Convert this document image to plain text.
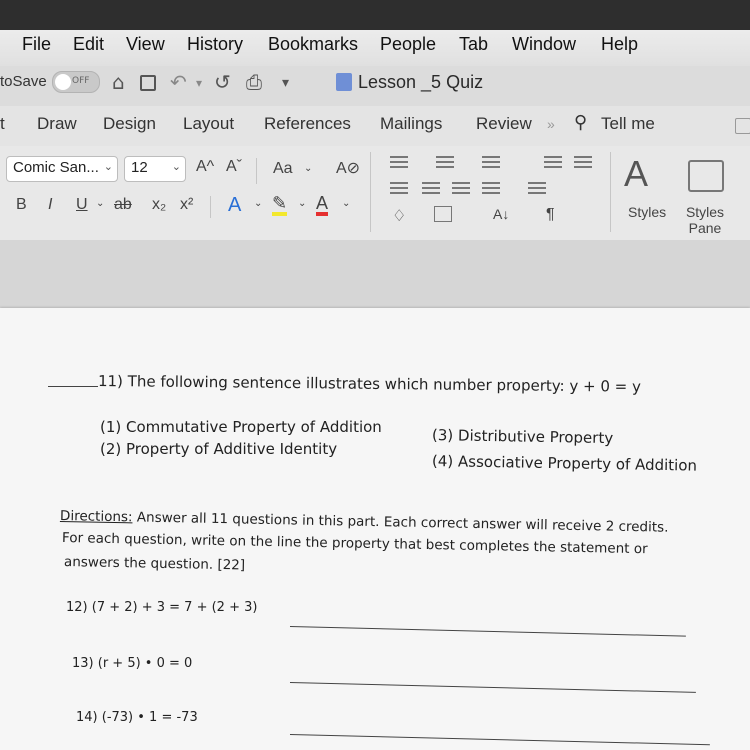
File Edit View History Bookmarks People Tab Window Help
toSave	OFF ⌂ ↶ ▾ ↺ ⎙ ▾	Lesson _5 Quiz
t Draw Design Layout References Mailings Review » ⚲ Tell me
Comic San... ⌄	12 ⌄ A^ Aˇ Aa ⌄ A⊘
B I U ⌄ ab x₂ x² A ⌄ ✎ ⌄ A ⌄
♢	A↓ ¶
A
Styles Styles Pane
11) The following sentence illustrates which number property: y + 0 = y
(1) Commutative Property of Addition
(2) Property of Additive Identity
(3) Distributive Property
(4) Associative Property of Addition
Directions: Answer all 11 questions in this part. Each correct answer will receive 2 credits.
For each question, write on the line the property that best completes the statement or
answers the question. [22]
12) (7 + 2) + 3 = 7 + (2 + 3)
13) (r + 5) • 0 = 0
14) (-73) • 1 = -73
